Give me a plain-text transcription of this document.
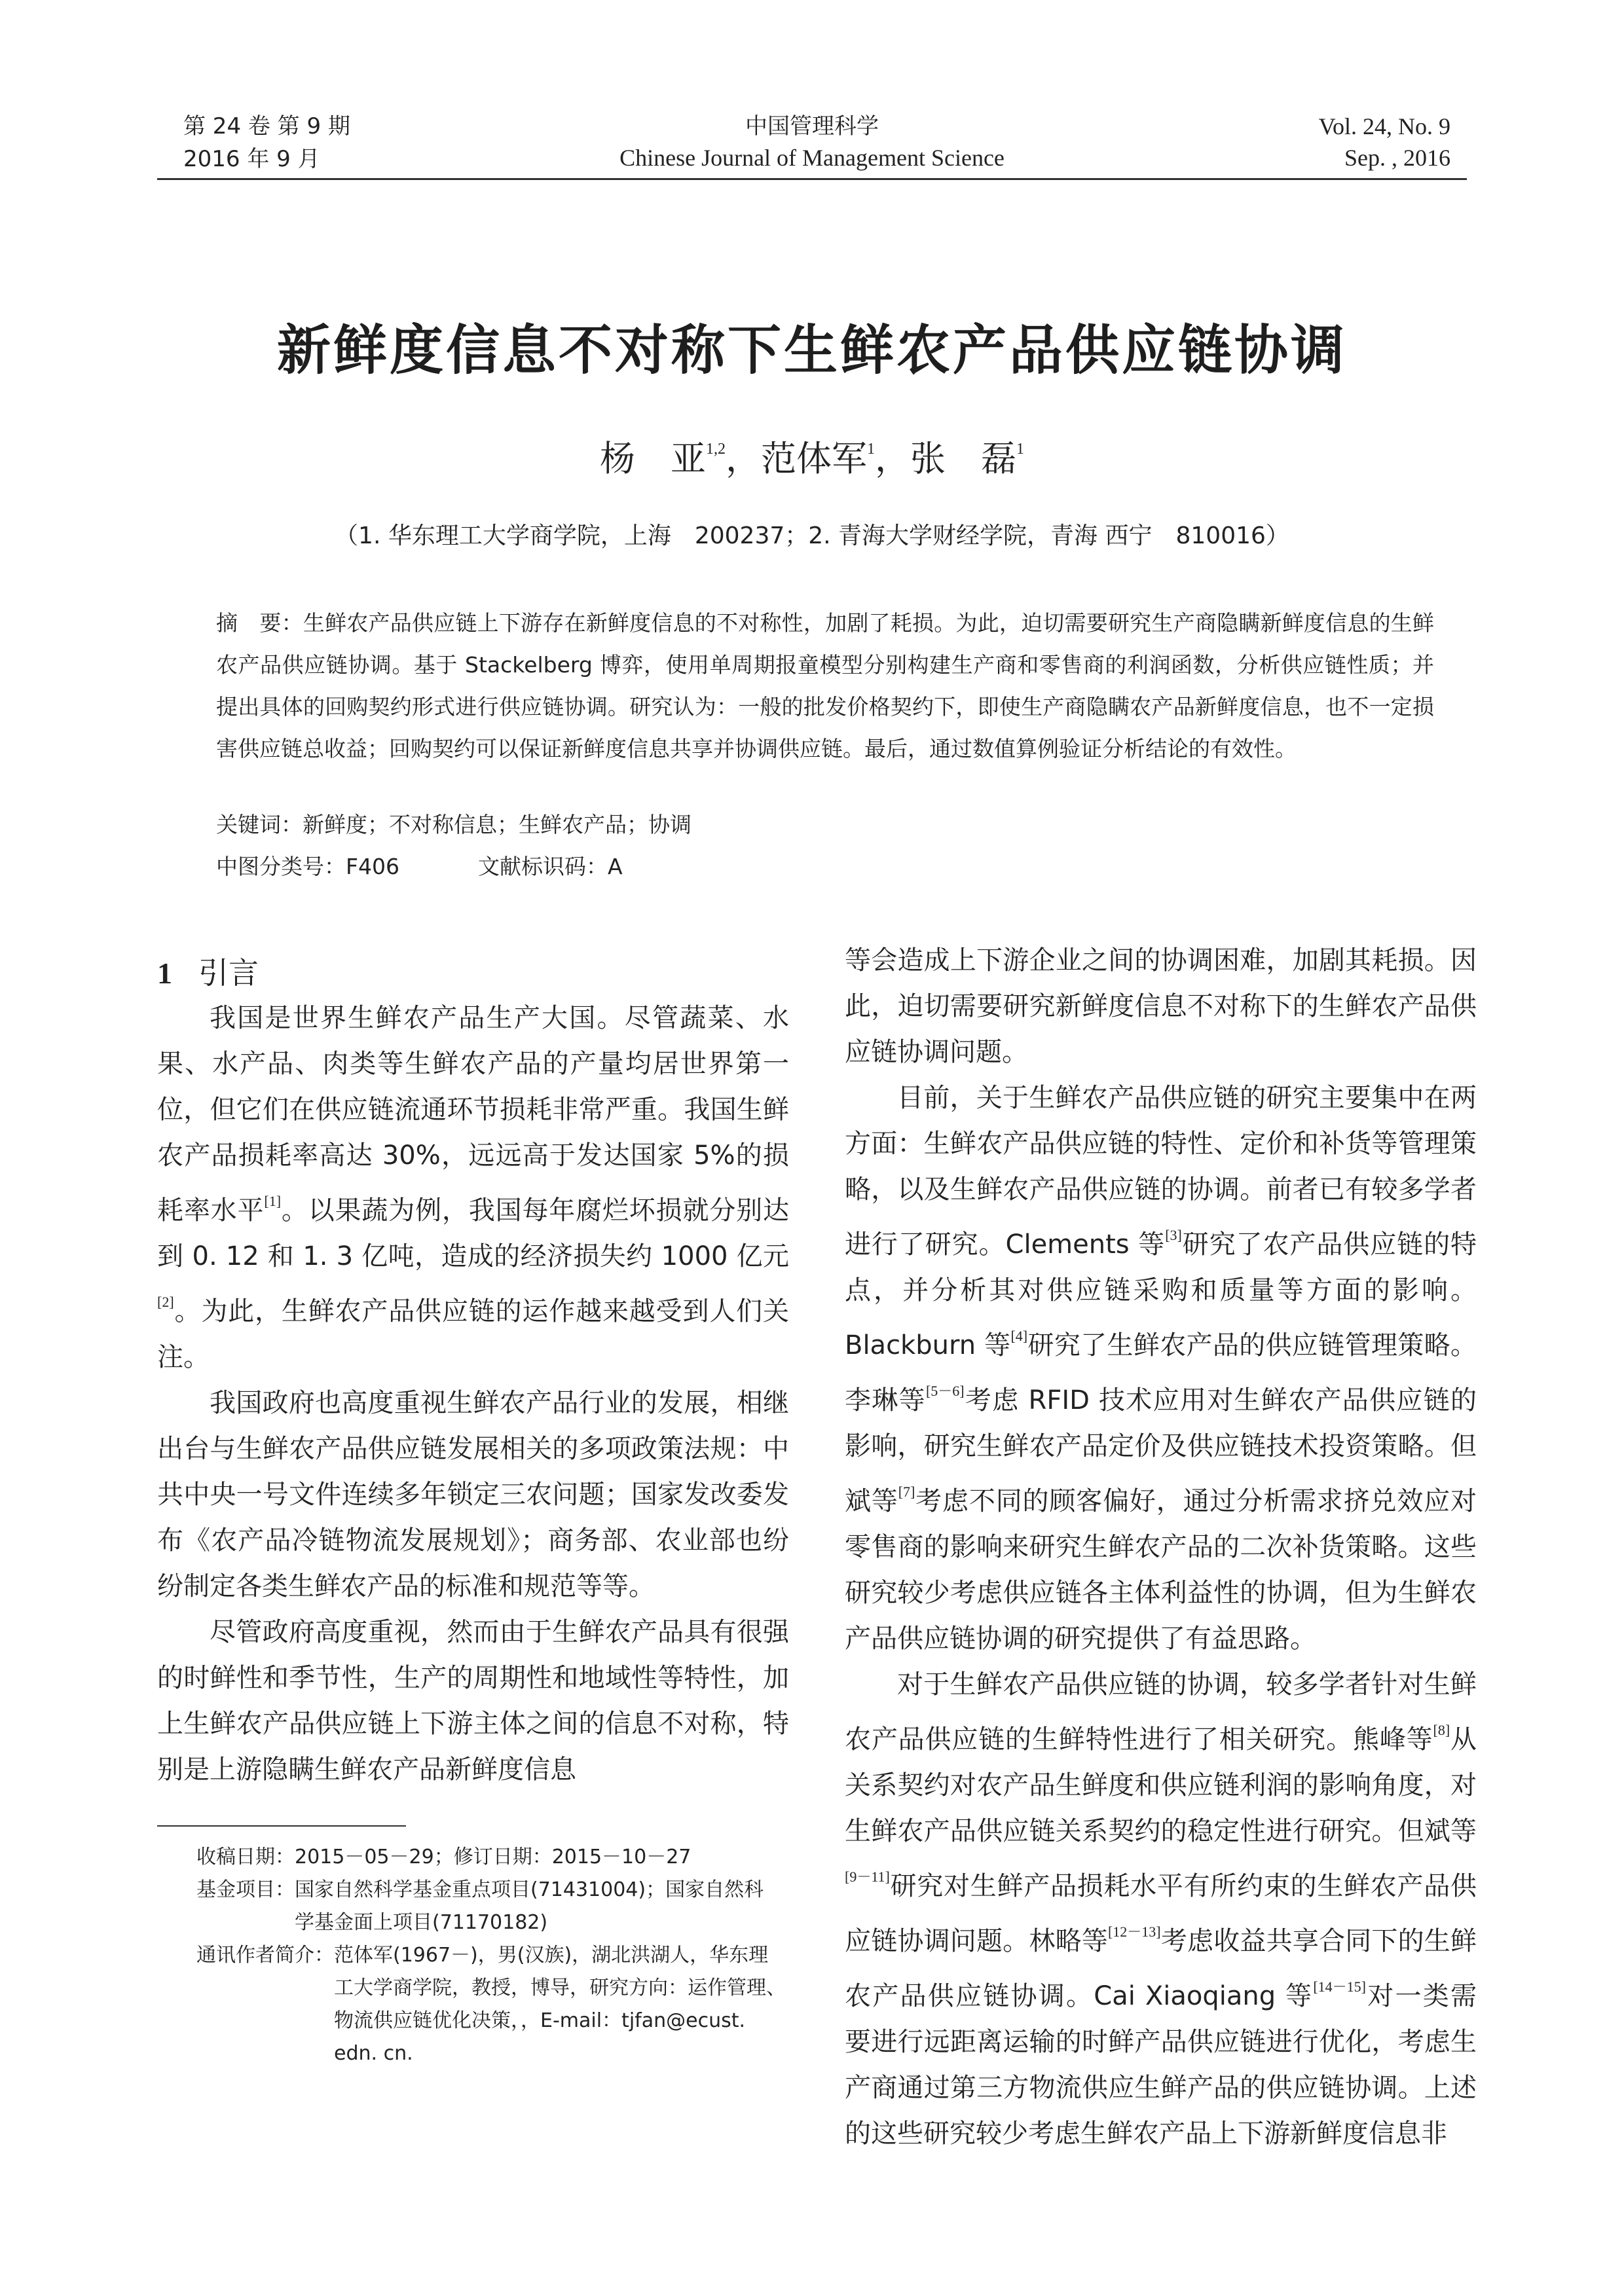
第 24 卷 第 9 期
2016 年 9 月
中国管理科学
Chinese Journal of Management Science
Vol. 24, No. 9
Sep. , 2016
新鲜度信息不对称下生鲜农产品供应链协调
杨　亚$^{1,2}$，范体军$^1$，张　磊$^1$
（1. 华东理工大学商学院，上海　200237；2. 青海大学财经学院，青海 西宁　810016）
摘　要：生鲜农产品供应链上下游存在新鲜度信息的不对称性，加剧了耗损。为此，迫切需要研究生产商隐瞒新鲜度信息的生鲜农产品供应链协调。基于 Stackelberg 博弈，使用单周期报童模型分别构建生产商和零售商的利润函数，分析供应链性质；并提出具体的回购契约形式进行供应链协调。研究认为：一般的批发价格契约下，即使生产商隐瞒农产品新鲜度信息，也不一定损害供应链总收益；回购契约可以保证新鲜度信息共享并协调供应链。最后，通过数值算例验证分析结论的有效性。
关键词：新鲜度；不对称信息；生鲜农产品；协调
中图分类号：F406	文献标识码：A
1 引言

我国是世界生鲜农产品生产大国。尽管蔬菜、水果、水产品、肉类等生鲜农产品的产量均居世界第一位，但它们在供应链流通环节损耗非常严重。我国生鲜农产品损耗率高达 30%，远远高于发达国家 5%的损耗率水平[1]。以果蔬为例，我国每年腐烂坏损就分别达到 0. 12 和 1. 3 亿吨，造成的经济损失约 1000 亿元[2]。为此，生鲜农产品供应链的运作越来越受到人们关注。

我国政府也高度重视生鲜农产品行业的发展，相继出台与生鲜农产品供应链发展相关的多项政策法规：中共中央一号文件连续多年锁定三农问题；国家发改委发布《农产品冷链物流发展规划》；商务部、农业部也纷纷制定各类生鲜农产品的标准和规范等等。

尽管政府高度重视，然而由于生鲜农产品具有很强的时鲜性和季节性，生产的周期性和地域性等特性，加上生鲜农产品供应链上下游主体之间的信息不对称，特别是上游隐瞒生鲜农产品新鲜度信息

收稿日期：2015－05－29；修订日期：2015－10－27
基金项目：国家自然科学基金重点项目(71431004)；国家自然科
学基金面上项目(71170182)
通讯作者简介：范体军(1967－)，男(汉族)，湖北洪湖人，华东理
工大学商学院，教授，博导，研究方向：运作管理、
物流供应链优化决策，，E-mail：tjfan@ecust.
edn. cn.

等会造成上下游企业之间的协调困难，加剧其耗损。因此，迫切需要研究新鲜度信息不对称下的生鲜农产品供应链协调问题。

目前，关于生鲜农产品供应链的研究主要集中在两方面：生鲜农产品供应链的特性、定价和补货等管理策略，以及生鲜农产品供应链的协调。前者已有较多学者进行了研究。Clements 等[3]研究了农产品供应链的特点，并分析其对供应链采购和质量等方面的影响。Blackburn 等[4]研究了生鲜农产品的供应链管理策略。李琳等[5－6]考虑 RFID 技术应用对生鲜农产品供应链的影响，研究生鲜农产品定价及供应链技术投资策略。但斌等[7]考虑不同的顾客偏好，通过分析需求挤兑效应对零售商的影响来研究生鲜农产品的二次补货策略。这些研究较少考虑供应链各主体利益性的协调，但为生鲜农产品供应链协调的研究提供了有益思路。

对于生鲜农产品供应链的协调，较多学者针对生鲜农产品供应链的生鲜特性进行了相关研究。熊峰等[8]从关系契约对农产品生鲜度和供应链利润的影响角度，对生鲜农产品供应链关系契约的稳定性进行研究。但斌等[9－11]研究对生鲜产品损耗水平有所约束的生鲜农产品供应链协调问题。林略等[12－13]考虑收益共享合同下的生鲜农产品供应链协调。Cai Xiaoqiang 等[14－15]对一类需要进行远距离运输的时鲜产品供应链进行优化，考虑生产商通过第三方物流供应生鲜产品的供应链协调。上述的这些研究较少考虑生鲜农产品上下游新鲜度信息非
